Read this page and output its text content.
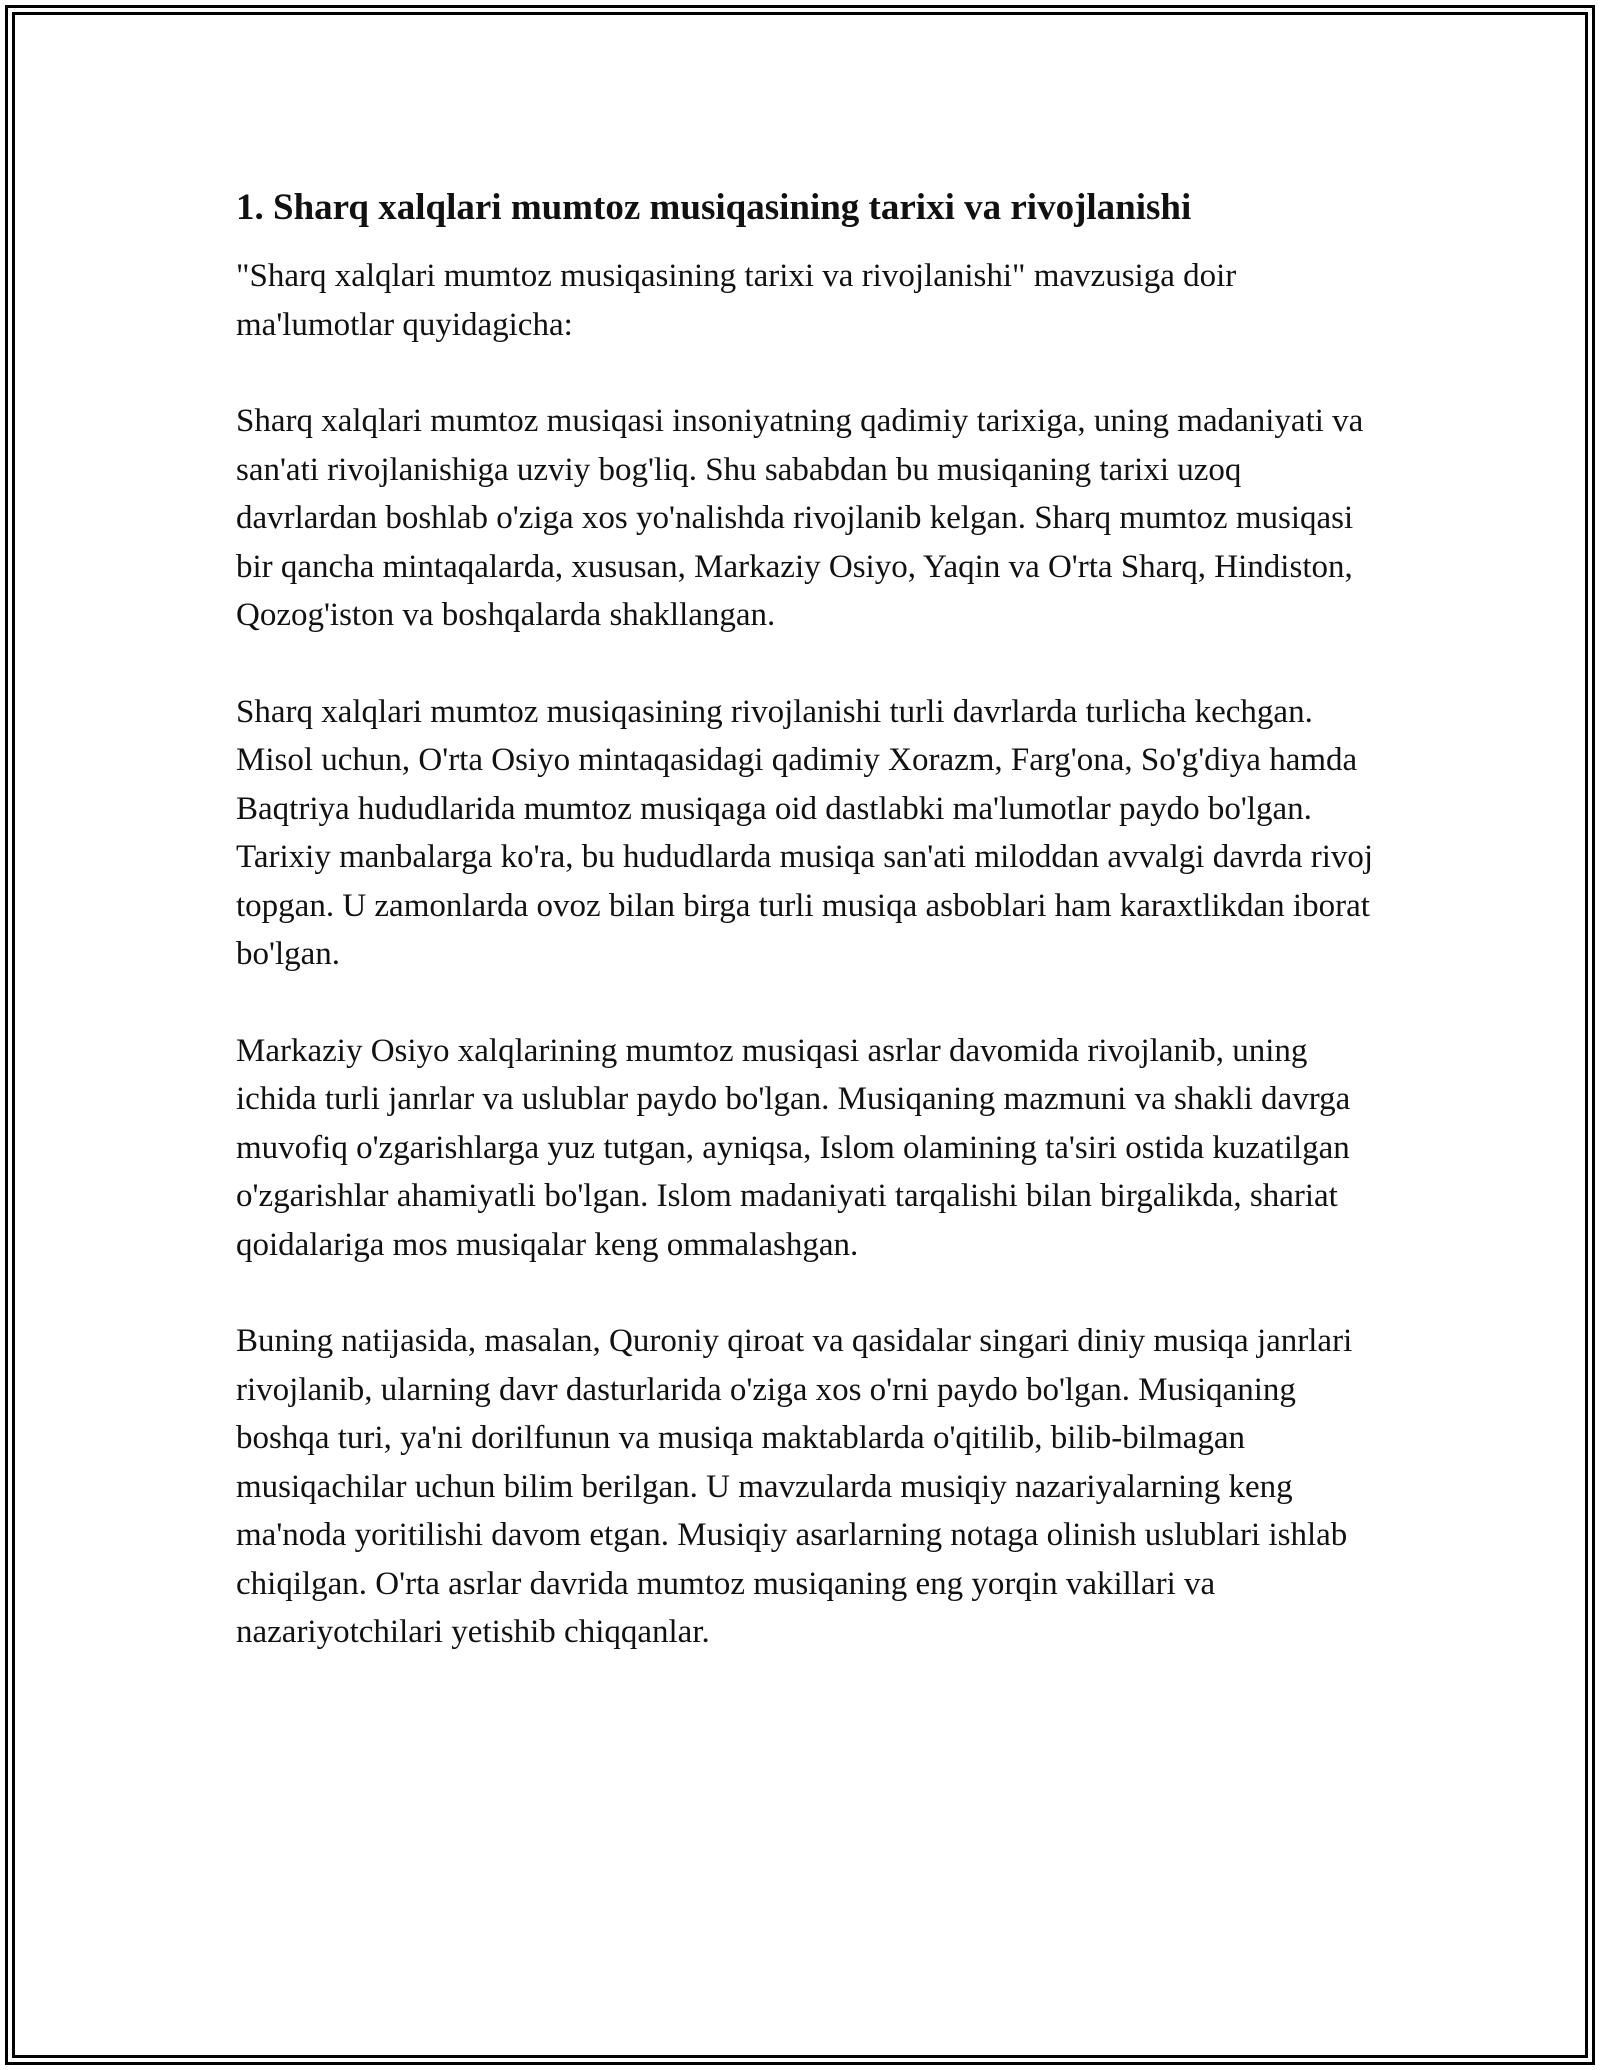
1. Sharq xalqlari mumtoz musiqasining tarixi va rivojlanishi

"Sharq xalqlari mumtoz musiqasining tarixi va rivojlanishi" mavzusiga doir ma'lumotlar quyidagicha:

Sharq xalqlari mumtoz musiqasi insoniyatning qadimiy tarixiga, uning madaniyati va san'ati rivojlanishiga uzviy bog'liq. Shu sababdan bu musiqaning tarixi uzoq davrlardan boshlab o'ziga xos yo'nalishda rivojlanib kelgan. Sharq mumtoz musiqasi bir qancha mintaqalarda, xususan, Markaziy Osiyo, Yaqin va O'rta Sharq, Hindiston, Qozog'iston va boshqalarda shakllangan.

Sharq xalqlari mumtoz musiqasining rivojlanishi turli davrlarda turlicha kechgan. Misol uchun, O'rta Osiyo mintaqasidagi qadimiy Xorazm, Farg'ona, So'g'diya hamda Baqtriya hududlarida mumtoz musiqaga oid dastlabki ma'lumotlar paydo bo'lgan. Tarixiy manbalarga ko'ra, bu hududlarda musiqa san'ati miloddan avvalgi davrda rivoj topgan. U zamonlarda ovoz bilan birga turli musiqa asboblari ham karaxtlikdan iborat bo'lgan.

Markaziy Osiyo xalqlarining mumtoz musiqasi asrlar davomida rivojlanib, uning ichida turli janrlar va uslublar paydo bo'lgan. Musiqaning mazmuni va shakli davrga muvofiq o'zgarishlarga yuz tutgan, ayniqsa, Islom olamining ta'siri ostida kuzatilgan o'zgarishlar ahamiyatli bo'lgan. Islom madaniyati tarqalishi bilan birgalikda, shariat qoidalariga mos musiqalar keng ommalashgan.

Buning natijasida, masalan, Quroniy qiroat va qasidalar singari diniy musiqa janrlari rivojlanib, ularning davr dasturlarida o'ziga xos o'rni paydo bo'lgan. Musiqaning boshqa turi, ya'ni dorilfunun va musiqa maktablarda o'qitilib, bilib-bilmagan musiqachilar uchun bilim berilgan. U mavzularda musiqiy nazariyalarning keng ma'noda yoritilishi davom etgan. Musiqiy asarlarning notaga olinish uslublari ishlab chiqilgan. O'rta asrlar davrida mumtoz musiqaning eng yorqin vakillari va nazariyotchilari yetishib chiqqanlar.
